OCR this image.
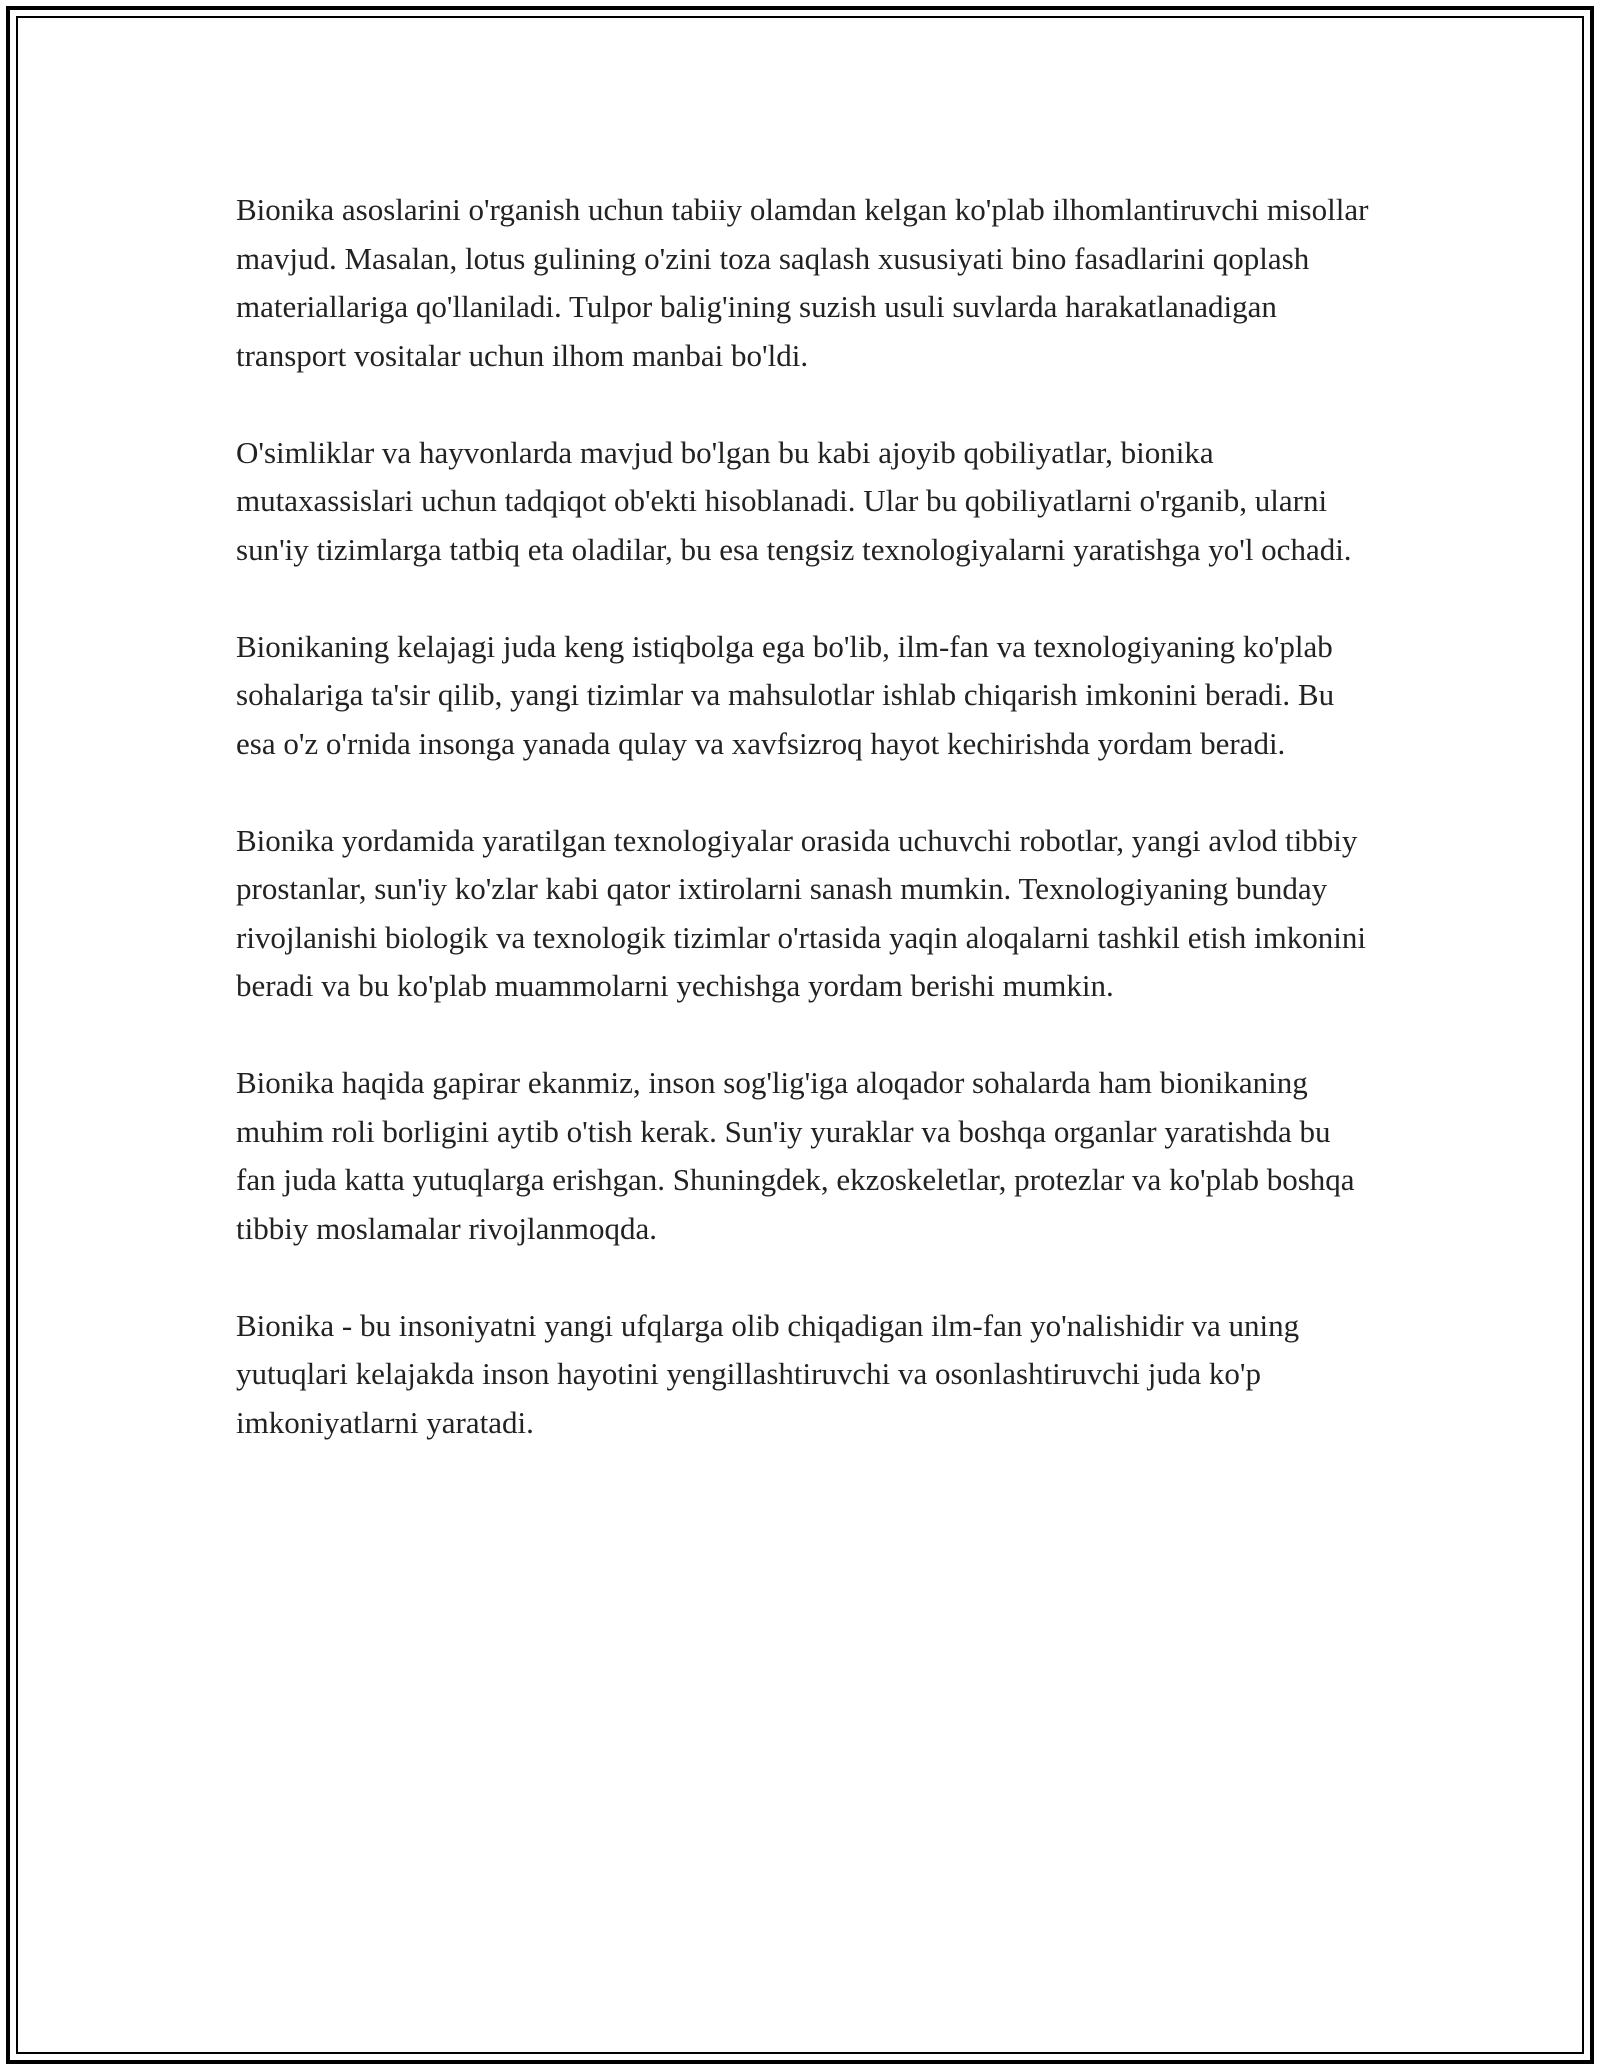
Bionika asoslarini o'rganish uchun tabiiy olamdan kelgan ko'plab ilhomlantiruvchi misollar mavjud. Masalan, lotus gulining o'zini toza saqlash xususiyati bino fasadlarini qoplash materiallariga qo'llaniladi. Tulpor balig'ining suzish usuli suvlarda harakatlanadigan transport vositalar uchun ilhom manbai bo'ldi.

O'simliklar va hayvonlarda mavjud bo'lgan bu kabi ajoyib qobiliyatlar, bionika mutaxassislari uchun tadqiqot ob'ekti hisoblanadi. Ular bu qobiliyatlarni o'rganib, ularni sun'iy tizimlarga tatbiq eta oladilar, bu esa tengsiz texnologiyalarni yaratishga yo'l ochadi.

Bionikaning kelajagi juda keng istiqbolga ega bo'lib, ilm-fan va texnologiyaning ko'plab sohalariga ta'sir qilib, yangi tizimlar va mahsulotlar ishlab chiqarish imkonini beradi. Bu esa o'z o'rnida insonga yanada qulay va xavfsizroq hayot kechirishda yordam beradi.

Bionika yordamida yaratilgan texnologiyalar orasida uchuvchi robotlar, yangi avlod tibbiy prostanlar, sun'iy ko'zlar kabi qator ixtirolarni sanash mumkin. Texnologiyaning bunday rivojlanishi biologik va texnologik tizimlar o'rtasida yaqin aloqalarni tashkil etish imkonini beradi va bu ko'plab muammolarni yechishga yordam berishi mumkin.

Bionika haqida gapirar ekanmiz, inson sog'lig'iga aloqador sohalarda ham bionikaning muhim roli borligini aytib o'tish kerak. Sun'iy yuraklar va boshqa organlar yaratishda bu fan juda katta yutuqlarga erishgan. Shuningdek, ekzoskeletlar, protezlar va ko'plab boshqa tibbiy moslamalar rivojlanmoqda.

Bionika - bu insoniyatni yangi ufqlarga olib chiqadigan ilm-fan yo'nalishidir va uning yutuqlari kelajakda inson hayotini yengillashtiruvchi va osonlashtiruvchi juda ko'p imkoniyatlarni yaratadi.
